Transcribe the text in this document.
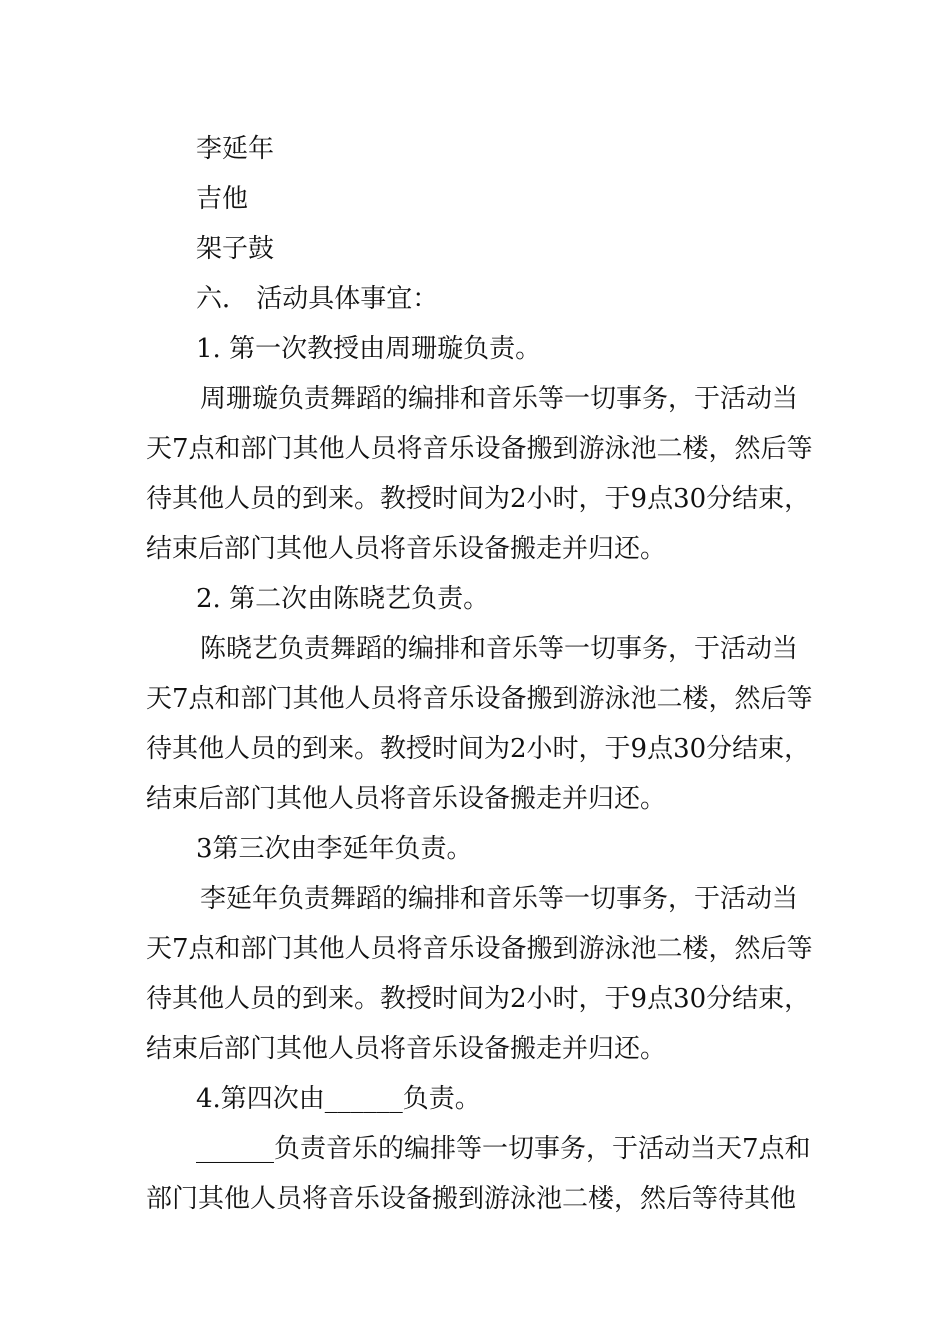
李延年
吉他
架子鼓
六． 活动具体事宜：
1. 第一次教授由周珊璇负责。
周珊璇负责舞蹈的编排和音乐等一切事务，于活动当
天7点和部门其他人员将音乐设备搬到游泳池二楼，然后等
待其他人员的到来。教授时间为2小时，于9点30分结束，
结束后部门其他人员将音乐设备搬走并归还。
2. 第二次由陈晓艺负责。
陈晓艺负责舞蹈的编排和音乐等一切事务，于活动当
天7点和部门其他人员将音乐设备搬到游泳池二楼，然后等
待其他人员的到来。教授时间为2小时，于9点30分结束，
结束后部门其他人员将音乐设备搬走并归还。
3第三次由李延年负责。
李延年负责舞蹈的编排和音乐等一切事务，于活动当
天7点和部门其他人员将音乐设备搬到游泳池二楼，然后等
待其他人员的到来。教授时间为2小时，于9点30分结束，
结束后部门其他人员将音乐设备搬走并归还。
4.第四次由______负责。
______负责音乐的编排等一切事务，于活动当天7点和
部门其他人员将音乐设备搬到游泳池二楼，然后等待其他
